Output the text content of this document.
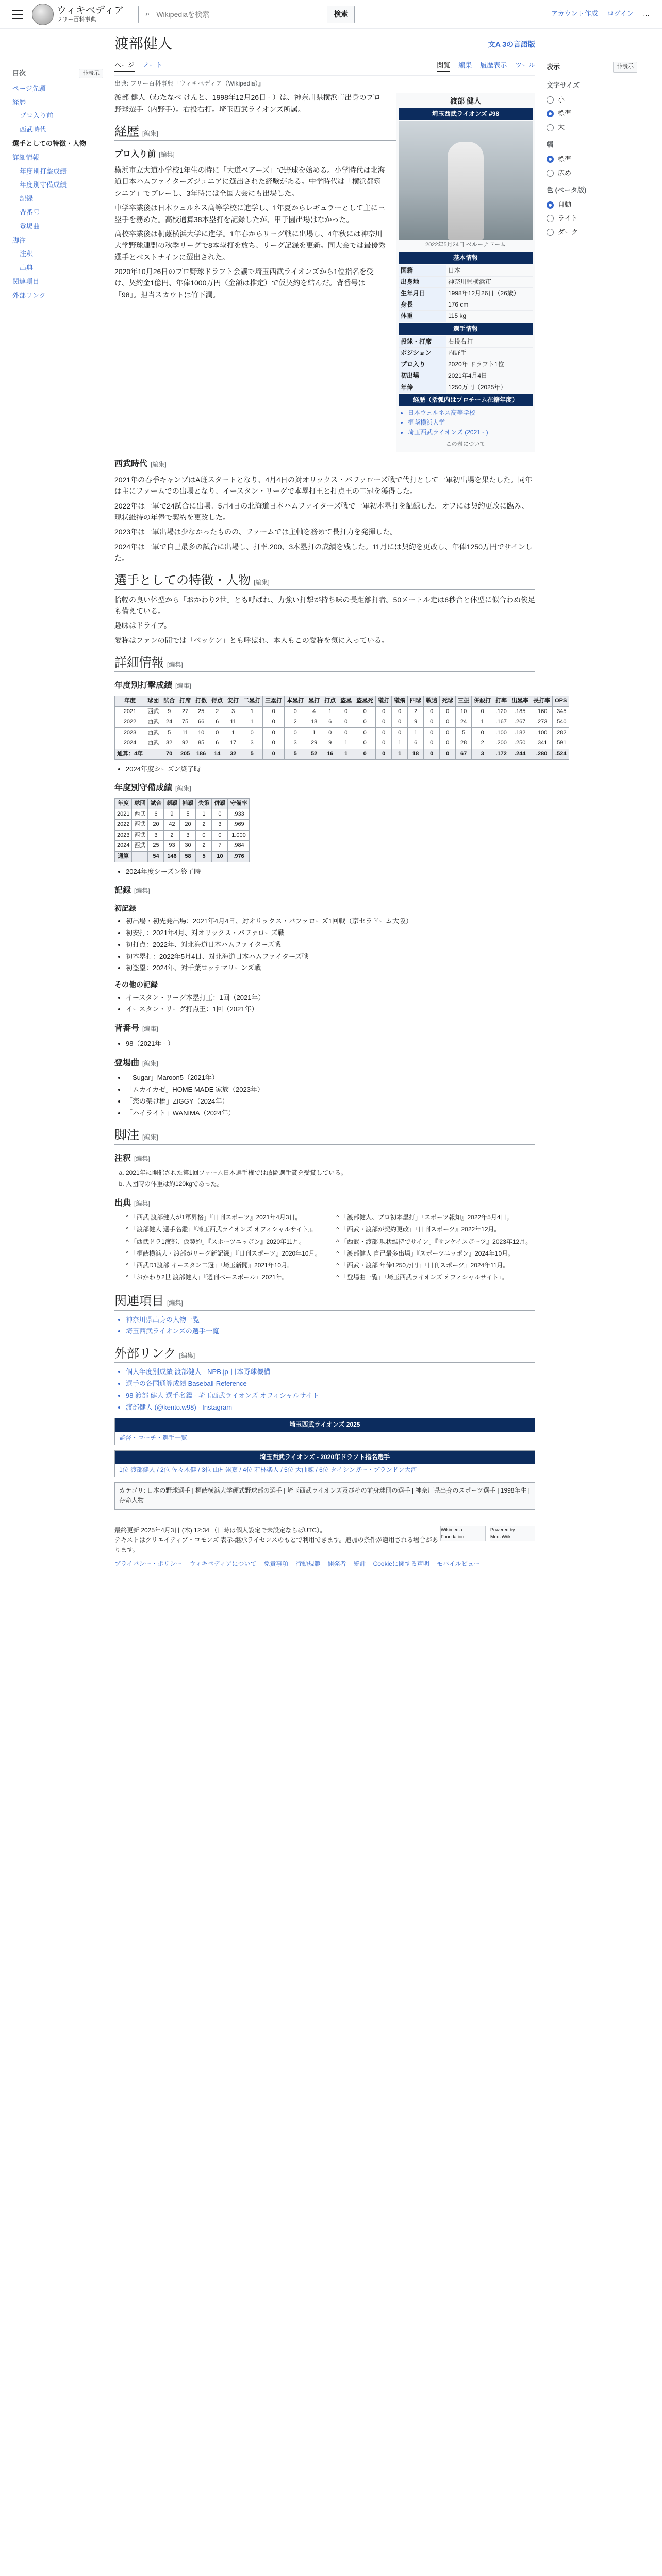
ウィキペディア
フリー百科事典
⌕
Wikipediaを検索	検索	アカウント作成 ログイン …
目次	非表示
ページ先頭
経歴
プロ入り前
西武時代
選手としての特徴・人物
詳細情報
年度別打撃成績
年度別守備成績
記録
背番号
登場曲
脚注
注釈
出典
関連項目
外部リンク
渡部健人	文A 3の言語版
ページ ノート	閲覧 編集 履歴表示 ツール
出典: フリー百科事典『ウィキペディア（Wikipedia）』
渡部 健人
埼玉西武ライオンズ #98
2022年5月24日 ベルーナドーム
基本情報
国籍	日本
出身地	神奈川県横浜市
生年月日	1998年12月26日（26歳）
身長	176 cm
体重	115 kg
選手情報
投球・打席	右投右打
ポジション	内野手
プロ入り	2020年 ドラフト1位
初出場	2021年4月4日
年俸	1250万円（2025年）
経歴（括弧内はプロチーム在籍年度）
• 日本ウェルネス高等学校
• 桐蔭横浜大学
• 埼玉西武ライオンズ (2021 - )
この表について

渡部 健人（わたなべ けんと、1998年12月26日 - ）は、神奈川県横浜市出身のプロ野球選手（内野手）。右投右打。埼玉西武ライオンズ所属。

経歴 [編集]
プロ入り前 [編集]

横浜市立大道小学校1年生の時に「大道ベアーズ」で野球を始める。小学時代は北海道日本ハムファイターズジュニアに選出された経験がある。中学時代は「横浜都筑シニア」でプレーし、3年時には全国大会にも出場した。

中学卒業後は日本ウェルネス高等学校に進学し、1年夏からレギュラーとして主に三塁手を務めた。高校通算38本塁打を記録したが、甲子園出場はなかった。

高校卒業後は桐蔭横浜大学に進学。1年春からリーグ戦に出場し、4年秋には神奈川大学野球連盟の秋季リーグで8本塁打を放ち、リーグ記録を更新。同大会では最優秀選手とベストナインに選出された。

2020年10月26日のプロ野球ドラフト会議で埼玉西武ライオンズから1位指名を受け、契約金1億円、年俸1000万円（金額は推定）で仮契約を結んだ。背番号は「98」。担当スカウトは竹下潤。

西武時代 [編集]

2021年の春季キャンプはA班スタートとなり、4月4日の対オリックス・バファローズ戦で代打として一軍初出場を果たした。同年は主にファームでの出場となり、イースタン・リーグで本塁打王と打点王の二冠を獲得した。

2022年は一軍で24試合に出場。5月4日の北海道日本ハムファイターズ戦で一軍初本塁打を記録した。オフには契約更改に臨み、現状維持の年俸で契約を更改した。

2023年は一軍出場は少なかったものの、ファームでは主軸を務めて長打力を発揮した。

2024年は一軍で自己最多の試合に出場し、打率.200、3本塁打の成績を残した。11月には契約を更改し、年俸1250万円でサインした。

選手としての特徴・人物 [編集]

恰幅の良い体型から「おかわり2世」とも呼ばれ、力強い打撃が持ち味の長距離打者。50メートル走は6秒台と体型に似合わぬ俊足も備えている。

趣味はドライブ。

愛称はファンの間では「ベッケン」とも呼ばれ、本人もこの愛称を気に入っている。

詳細情報 [編集]
年度別打撃成績 [編集]
年度	球団	試合	打席	打数	得点	安打	二塁打	三塁打	本塁打	塁打	打点	盗塁	盗塁死	犠打	犠飛	四球	敬遠	死球	三振	併殺打	打率	出塁率	長打率	OPS
2021	西武	9	27	25	2	3	1	0	0	4	1	0	0	0	0	2	0	0	10	0	.120	.185	.160	.345
2022	西武	24	75	66	6	11	1	0	2	18	6	0	0	0	0	9	0	0	24	1	.167	.267	.273	.540
2023	西武	5	11	10	0	1	0	0	0	1	0	0	0	0	0	1	0	0	5	0	.100	.182	.100	.282
2024	西武	32	92	85	6	17	3	0	3	29	9	1	0	0	1	6	0	0	28	2	.200	.250	.341	.591
通算：4年		70	205	186	14	32	5	0	5	52	16	1	0	0	1	18	0	0	67	3	.172	.244	.280	.524
• 2024年度シーズン終了時
年度別守備成績 [編集]
年度	球団	試合	刺殺	補殺	失策	併殺	守備率
2021	西武	6	9	5	1	0	.933
2022	西武	20	42	20	2	3	.969
2023	西武	3	2	3	0	0	1.000
2024	西武	25	93	30	2	7	.984
通算		54	146	58	5	10	.976
• 2024年度シーズン終了時
記録 [編集]
初記録
• 初出場・初先発出場：2021年4月4日、対オリックス・バファローズ1回戦（京セラドーム大阪）
• 初安打：2021年4月、対オリックス・バファローズ戦
• 初打点：2022年、対北海道日本ハムファイターズ戦
• 初本塁打：2022年5月4日、対北海道日本ハムファイターズ戦
• 初盗塁：2024年、対千葉ロッテマリーンズ戦
その他の記録
• イースタン・リーグ本塁打王：1回（2021年）
• イースタン・リーグ打点王：1回（2021年）
背番号 [編集]
• 98（2021年 - ）
登場曲 [編集]
• 「Sugar」Maroon5（2021年）
• 「ムカイカゼ」HOME MADE 家族（2023年）
• 「恋の架け橋」ZIGGY（2024年）
• 「ハイライト」WANIMA（2024年）
脚注 [編集]
注釈 [編集]
a. 2021年に開催された第1回ファーム日本選手権では敢闘選手賞を受賞している。
b. 入団時の体重は約120kgであった。
出典 [編集]
^ 「西武 渡部健人が1軍昇格」『日刊スポーツ』2021年4月3日。
^ 「渡部健人 選手名鑑」『埼玉西武ライオンズ オフィシャルサイト』。
^ 「西武ドラ1渡部、仮契約」『スポーツニッポン』2020年11月。
^ 「桐蔭横浜大・渡部がリーグ新記録」『日刊スポーツ』2020年10月。
^ 「西武D1渡部 イースタン二冠」『埼玉新聞』2021年10月。
^ 「おかわり2世 渡部健人」『週刊ベースボール』2021年。
^ 「渡部健人、プロ初本塁打」『スポーツ報知』2022年5月4日。
^ 「西武・渡部が契約更改」『日刊スポーツ』2022年12月。
^ 「西武・渡部 現状維持でサイン」『サンケイスポーツ』2023年12月。
^ 「渡部健人 自己最多出場」『スポーツニッポン』2024年10月。
^ 「西武・渡部 年俸1250万円」『日刊スポーツ』2024年11月。
^ 「登場曲一覧」『埼玉西武ライオンズ オフィシャルサイト』。
関連項目 [編集]
• 神奈川県出身の人物一覧
• 埼玉西武ライオンズの選手一覧
外部リンク [編集]
• 個人年度別成績 渡部健人 - NPB.jp 日本野球機構
• 選手の各国通算成績 Baseball-Reference
• 98 渡部 健人 選手名鑑 - 埼玉西武ライオンズ オフィシャルサイト
• 渡部健人 (@kento.w98) - Instagram
埼玉西武ライオンズ 2025
監督・コーチ・選手一覧
埼玉西武ライオンズ - 2020年ドラフト指名選手
1位 渡部健人 / 2位 佐々木健 / 3位 山村崇嘉 / 4位 若林楽人 / 5位 大曲錬 / 6位 タイシンガー・ブランドン大河
カテゴリ: 日本の野球選手 | 桐蔭横浜大学硬式野球部の選手 | 埼玉西武ライオンズ及びその前身球団の選手 | 神奈川県出身のスポーツ選手 | 1998年生 | 存命人物
Wikimedia Foundation
Powered by MediaWiki
最終更新 2025年4月3日 (木) 12:34 （日時は個人設定で未設定ならばUTC）。
テキストはクリエイティブ・コモンズ 表示-継承ライセンスのもとで利用できます。追加の条件が適用される場合があります。
プライバシー・ポリシー ウィキペディアについて 免責事項 行動規範 開発者 統計 Cookieに関する声明 モバイルビュー
表示	非表示
文字サイズ
小
標準
大
幅
標準
広め
色 (ベータ版)
自動
ライト
ダーク
